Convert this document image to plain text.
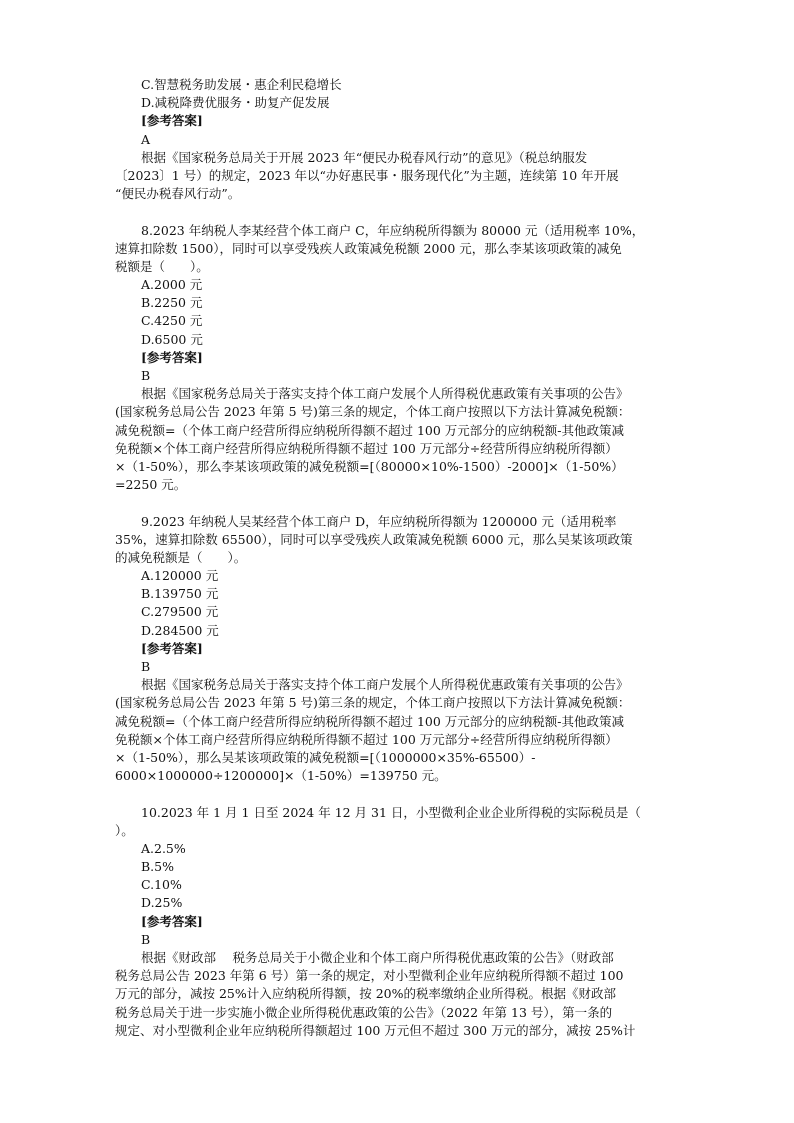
C.智慧税务助发展・惠企利民稳增长
D.减税降费优服务・助复产促发展
[参考答案]
A
根据《国家税务总局关于开展 2023 年“便民办税春风行动”的意见》（税总纳服发
〔2023〕1 号）的规定，2023 年以“办好惠民事・服务现代化”为主题，连续第 10 年开展
“便民办税春风行动”。
8.2023 年纳税人李某经营个体工商户 C，年应纳税所得额为 80000 元（适用税率 10%，
速算扣除数 1500），同时可以享受残疾人政策减免税额 2000 元，那么李某该项政策的减免
税额是（　　）。
A.2000 元
B.2250 元
C.4250 元
D.6500 元
[参考答案]
B
根据《国家税务总局关于落实支持个体工商户发展个人所得税优惠政策有关事项的公告》
(国家税务总局公告 2023 年第 5 号)第三条的规定，个体工商户按照以下方法计算减免税额：
减免税额=（个体工商户经营所得应纳税所得额不超过 100 万元部分的应纳税额-其他政策减
免税额×个体工商户经营所得应纳税所得额不超过 100 万元部分÷经营所得应纳税所得额）
×（1-50%），那么李某该项政策的减免税额=[（80000×10%-1500）-2000]×（1-50%）
=2250 元。
9.2023 年纳税人吴某经营个体工商户 D，年应纳税所得额为 1200000 元（适用税率
35%，速算扣除数 65500），同时可以享受残疾人政策减免税额 6000 元，那么吴某该项政策
的减免税额是（　　）。
A.120000 元
B.139750 元
C.279500 元
D.284500 元
[参考答案]
B
根据《国家税务总局关于落实支持个体工商户发展个人所得税优惠政策有关事项的公告》
(国家税务总局公告 2023 年第 5 号)第三条的规定，个体工商户按照以下方法计算减免税额：
减免税额=（个体工商户经营所得应纳税所得额不超过 100 万元部分的应纳税额-其他政策减
免税额×个体工商户经营所得应纳税所得额不超过 100 万元部分÷经营所得应纳税所得额）
×（1-50%），那么吴某该项政策的减免税额=[（1000000×35%-65500）-
6000×1000000÷1200000]×（1-50%）=139750 元。
10.2023 年 1 月 1 日至 2024 年 12 月 31 日，小型微利企业企业所得税的实际税员是（
）。
A.2.5%
B.5%
C.10%
D.25%
[参考答案]
B
根据《财政部　 税务总局关于小微企业和个体工商户所得税优惠政策的公告》（财政部
税务总局公告 2023 年第 6 号）第一条的规定，对小型微利企业年应纳税所得额不超过 100
万元的部分，减按 25%计入应纳税所得额，按 20%的税率缴纳企业所得税。根据《财政部
税务总局关于进一步实施小微企业所得税优惠政策的公告》（2022 年第 13 号），第一条的
规定、对小型微利企业年应纳税所得额超过 100 万元但不超过 300 万元的部分，减按 25%计
